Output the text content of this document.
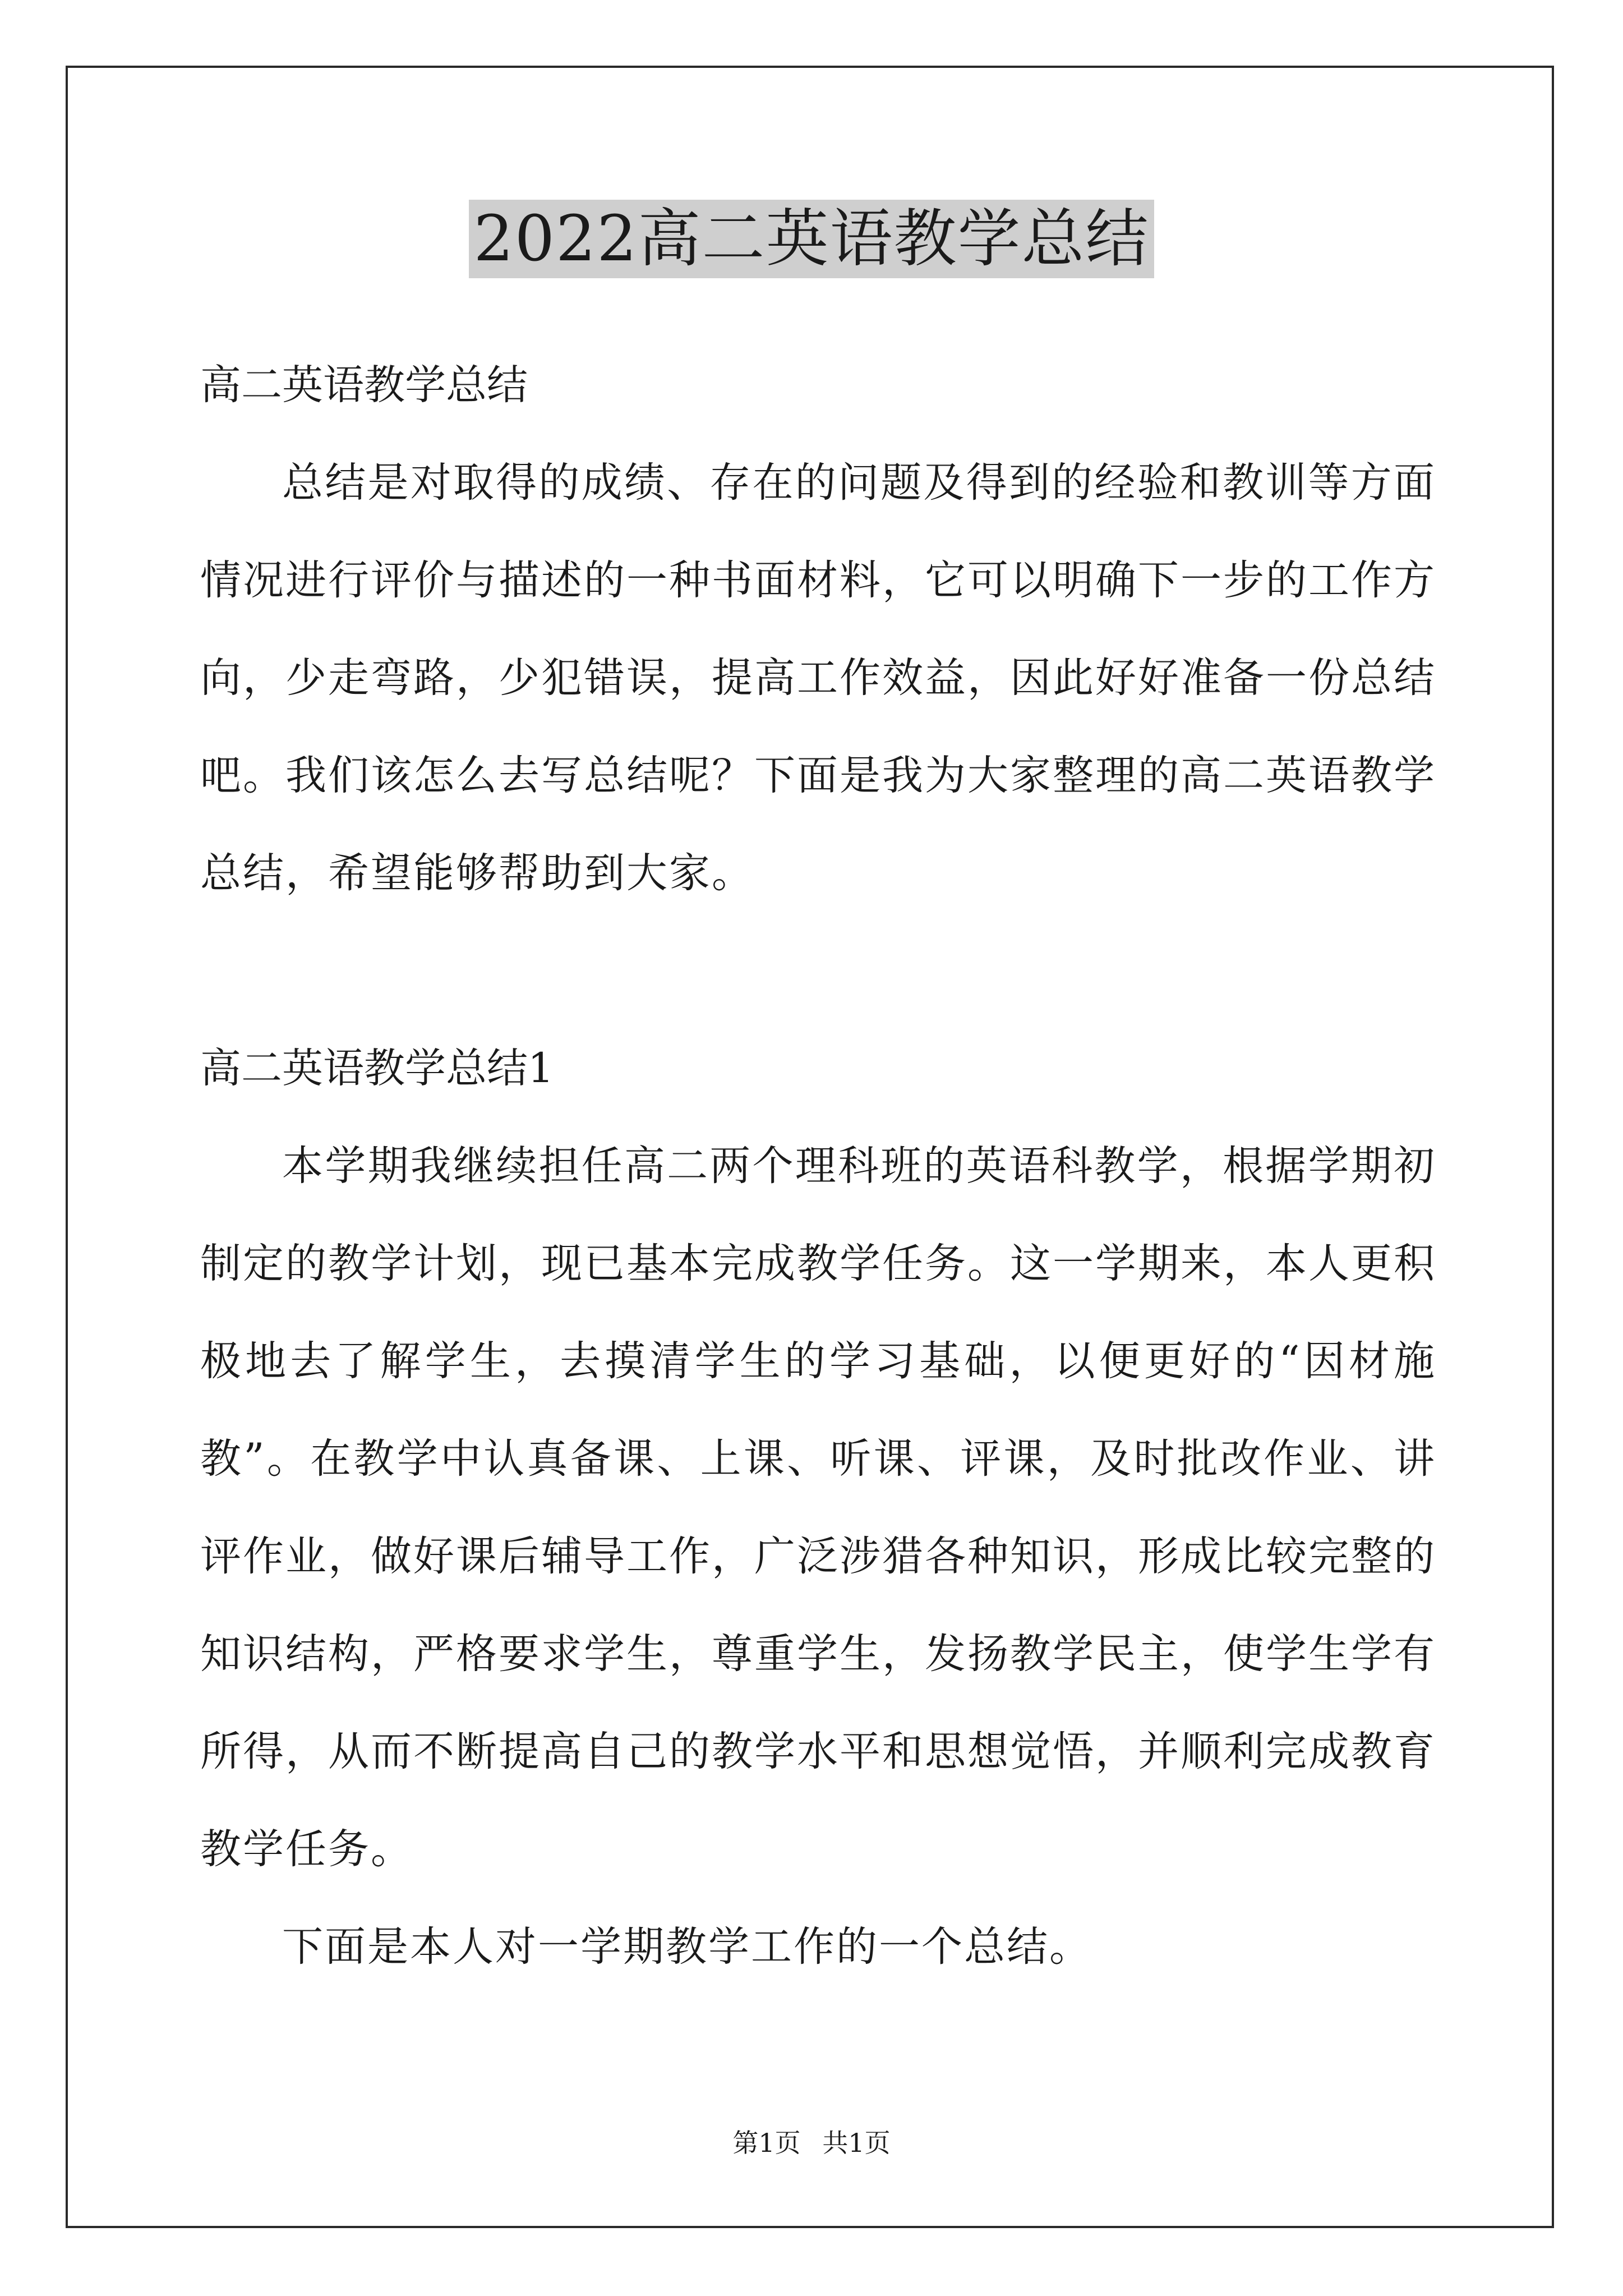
2022高二英语教学总结
高二英语教学总结
总结是对取得的成绩、存在的问题及得到的经验和教训等方面情况进行评价与描述的一种书面材料，它可以明确下一步的工作方向，少走弯路，少犯错误，提高工作效益，因此好好准备一份总结吧。我们该怎么去写总结呢？下面是我为大家整理的高二英语教学总结，希望能够帮助到大家。
高二英语教学总结1
本学期我继续担任高二两个理科班的英语科教学，根据学期初制定的教学计划，现已基本完成教学任务。这一学期来，本人更积极地去了解学生，去摸清学生的学习基础，以便更好的“因材施教”。在教学中认真备课、上课、听课、评课，及时批改作业、讲评作业，做好课后辅导工作，广泛涉猎各种知识，形成比较完整的知识结构，严格要求学生，尊重学生，发扬教学民主，使学生学有所得，从而不断提高自己的教学水平和思想觉悟，并顺利完成教育教学任务。
下面是本人对一学期教学工作的一个总结。
第1页 共1页
